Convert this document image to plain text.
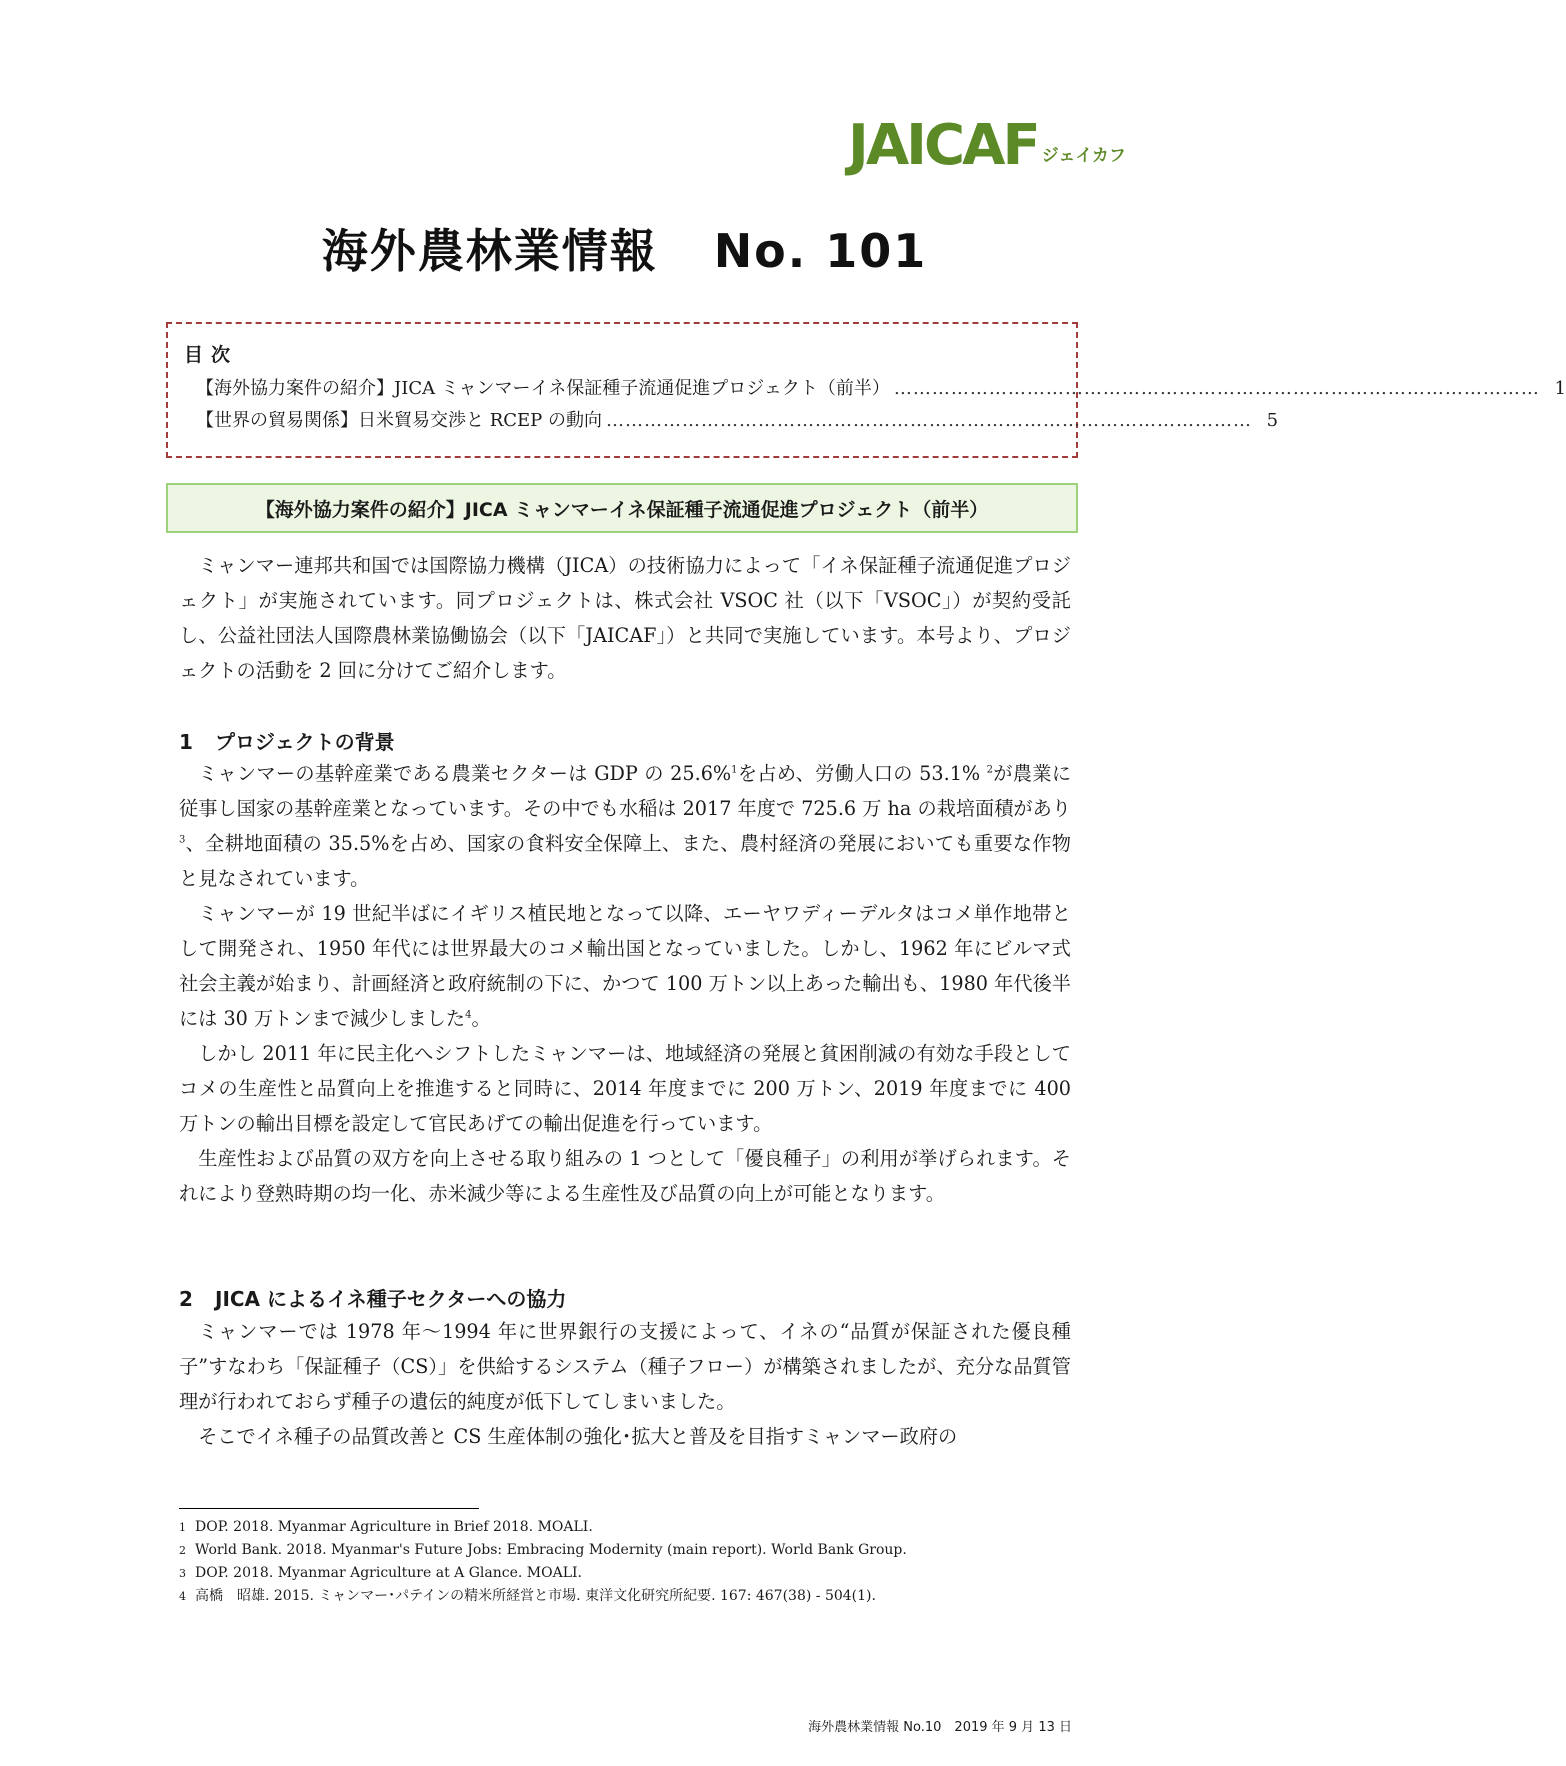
JAICAF ジェイカフ
海外農林業情報 No. 101
目次
【海外協力案件の紹介】JICA ミャンマーイネ保証種子流通促進プロジェクト（前半） ………………………………………………………………………………………… 1
【世界の貿易関係】日米貿易交渉と RCEP の動向 ………………………………………………………………………………………… 5
【海外協力案件の紹介】JICA ミャンマーイネ保証種子流通促進プロジェクト（前半）

ミャンマー連邦共和国では国際協力機構（JICA）の技術協力によって「イネ保証種子流通促進プロジェクト」が実施されています。同プロジェクトは、株式会社 VSOC 社（以下「VSOC」）が契約受託し、公益社団法人国際農林業協働協会（以下「JAICAF」）と共同で実施しています。本号より、プロジェクトの活動を 2 回に分けてご紹介します。

1 プロジェクトの背景

ミャンマーの基幹産業である農業セクターは GDP の 25.6%$^1$を占め、労働人口の 53.1% $^2$が農業に従事し国家の基幹産業となっています。その中でも水稲は 2017 年度で 725.6 万 ha の栽培面積があり$^3$、全耕地面積の 35.5%を占め、国家の食料安全保障上、また、農村経済の発展においても重要な作物と見なされています。

ミャンマーが 19 世紀半ばにイギリス植民地となって以降、エーヤワディーデルタはコメ単作地帯として開発され、1950 年代には世界最大のコメ輸出国となっていました。しかし、1962 年にビルマ式社会主義が始まり、計画経済と政府統制の下に、かつて 100 万トン以上あった輸出も、1980 年代後半には 30 万トンまで減少しました$^4$。

しかし 2011 年に民主化へシフトしたミャンマーは、地域経済の発展と貧困削減の有効な手段としてコメの生産性と品質向上を推進すると同時に、2014 年度までに 200 万トン、2019 年度までに 400 万トンの輸出目標を設定して官民あげての輸出促進を行っています。

生産性および品質の双方を向上させる取り組みの 1 つとして「優良種子」の利用が挙げられます。それにより登熟時期の均一化、赤米減少等による生産性及び品質の向上が可能となります。

2 JICA によるイネ種子セクターへの協力

ミャンマーでは 1978 年～1994 年に世界銀行の支援によって、イネの“品質が保証された優良種子”すなわち「保証種子（CS）」を供給するシステム（種子フロー）が構築されましたが、充分な品質管理が行われておらず種子の遺伝的純度が低下してしまいました。

そこでイネ種子の品質改善と CS 生産体制の強化･拡大と普及を目指すミャンマー政府の

1 DOP. 2018. Myanmar Agriculture in Brief 2018. MOALI.
2 World Bank. 2018. Myanmar's Future Jobs: Embracing Modernity (main report). World Bank Group.
3 DOP. 2018. Myanmar Agriculture at A Glance. MOALI.
4 高橋　昭雄. 2015. ミャンマー･パテインの精米所経営と市場. 東洋文化研究所紀要. 167: 467(38) - 504(1).
海外農林業情報 No.10　2019 年 9 月 13 日
